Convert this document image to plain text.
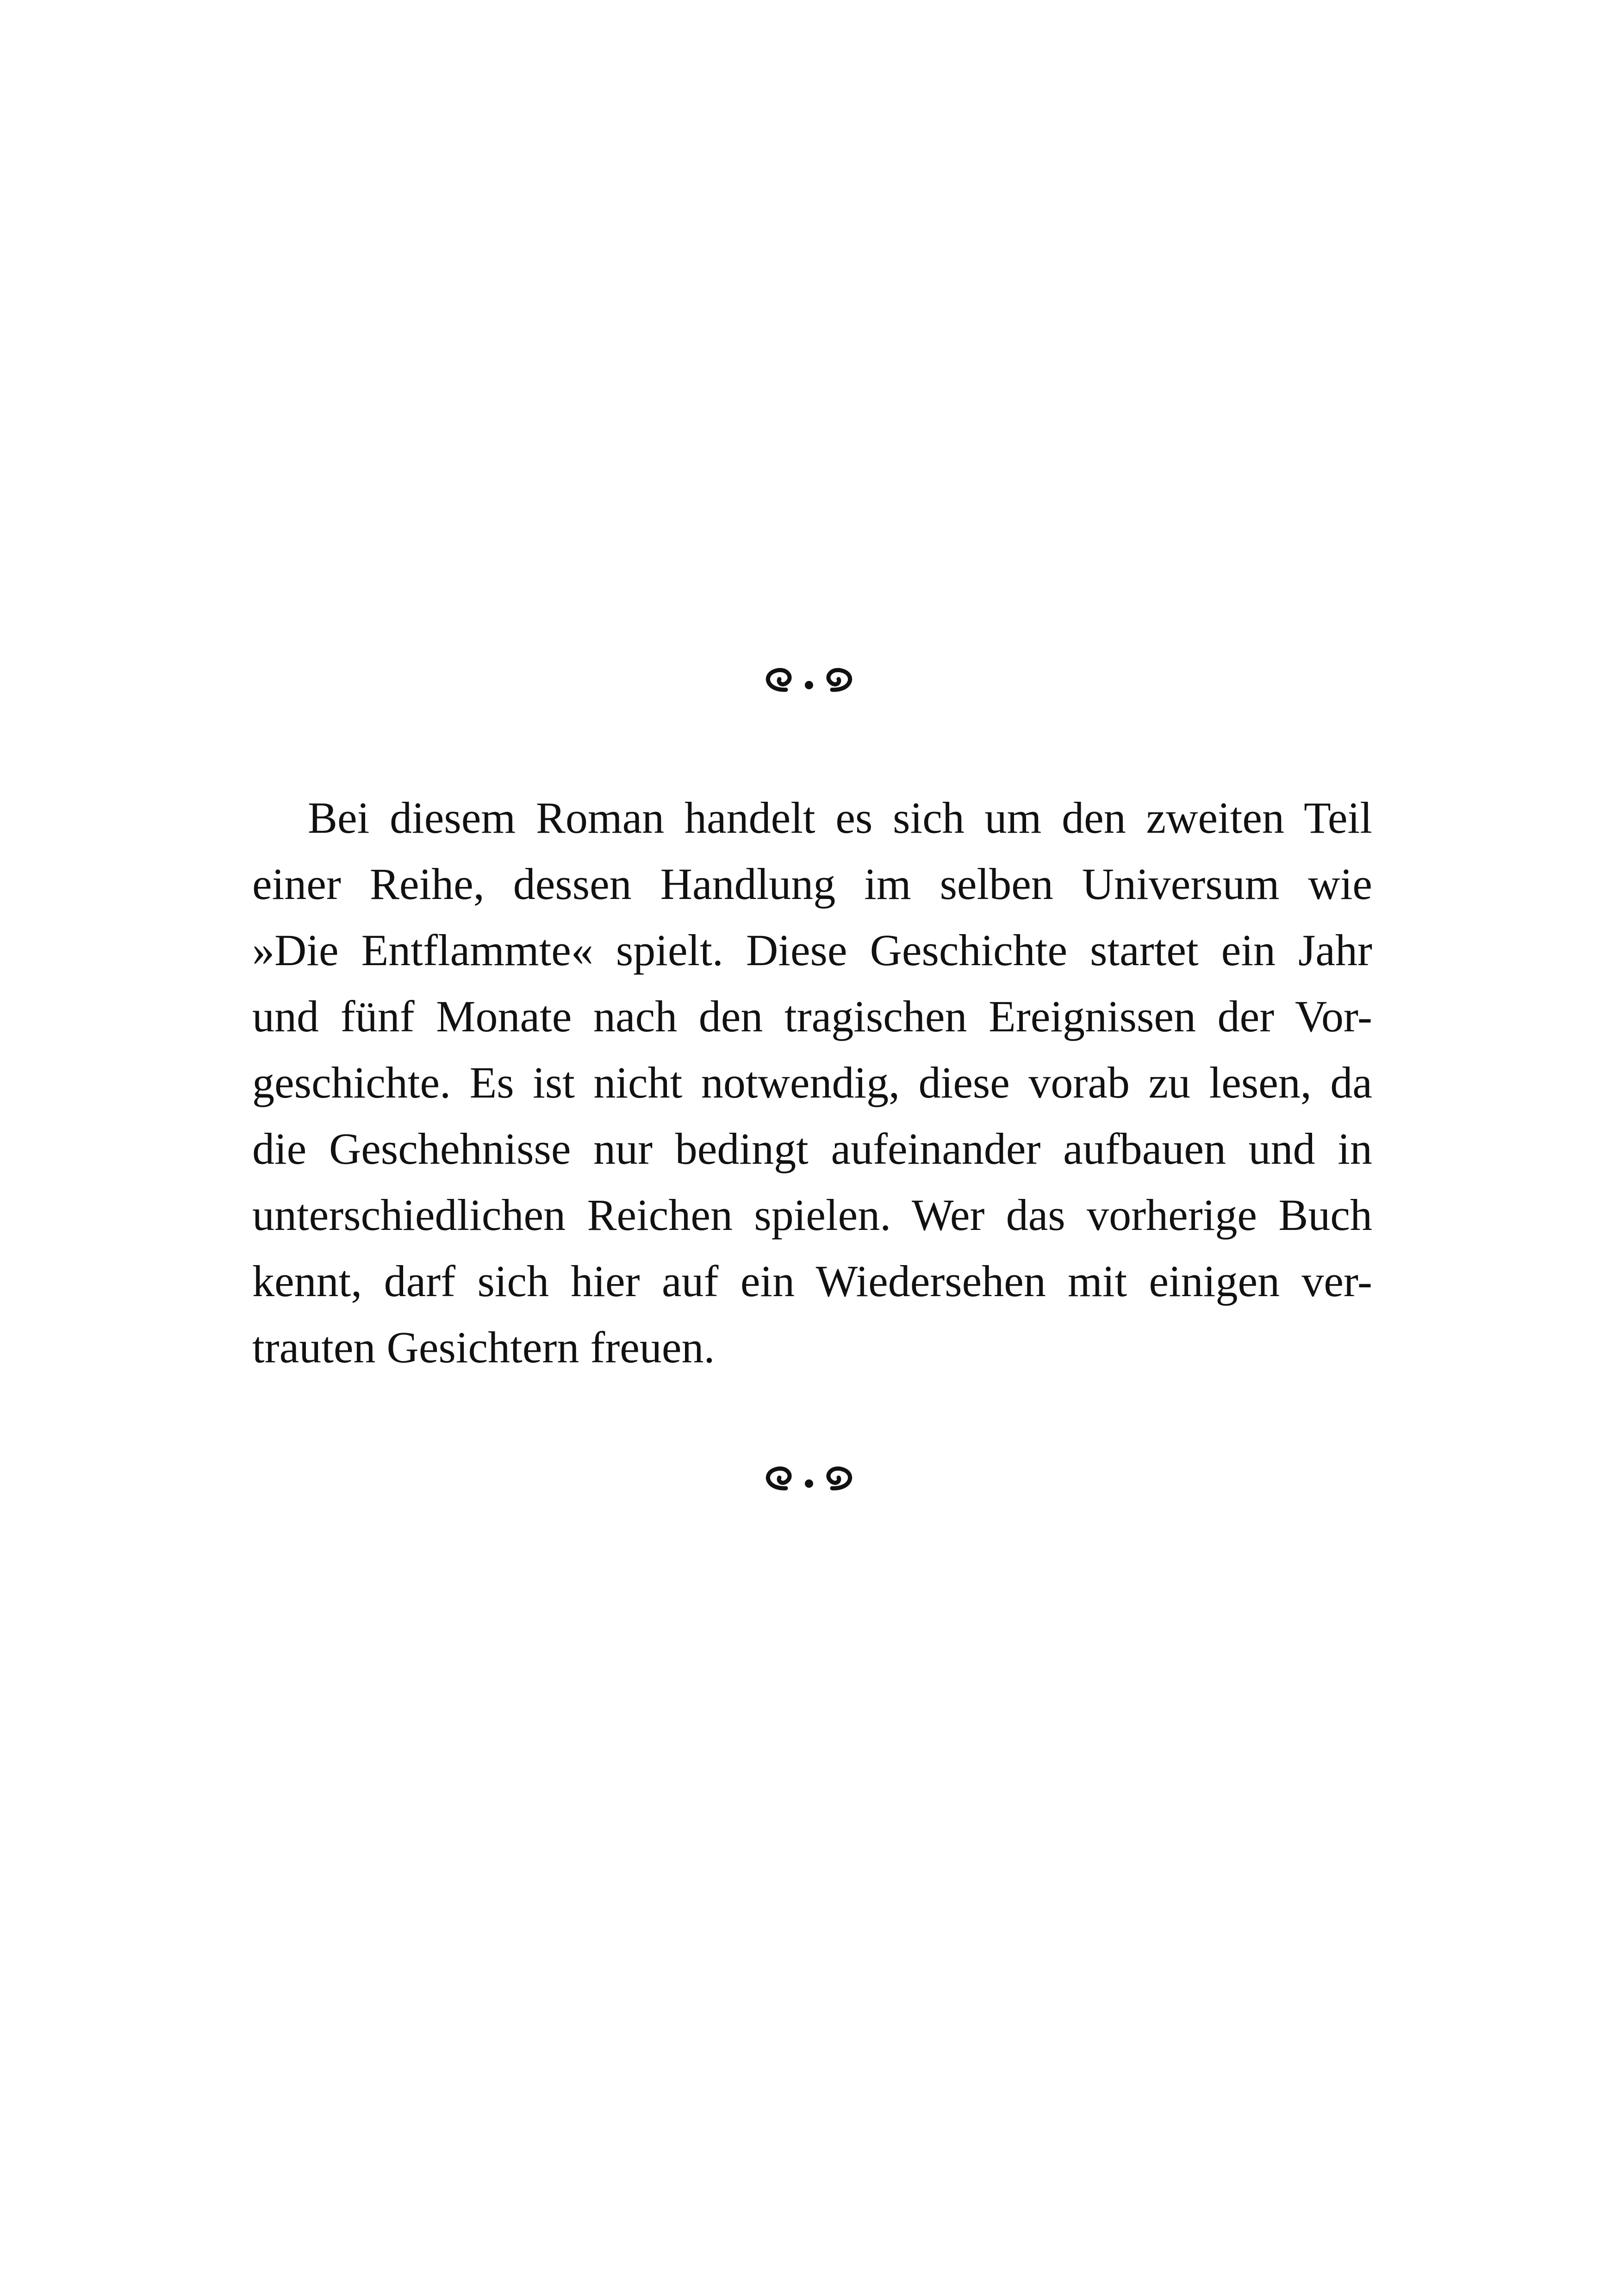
Bei diesem Roman handelt es sich um den zweiten Teil
einer Reihe, dessen Handlung im selben Universum wie
»Die Entflammte« spielt. Diese Geschichte startet ein Jahr
und fünf Monate nach den tragischen Ereignissen der Vor-
geschichte. Es ist nicht notwendig, diese vorab zu lesen, da
die Geschehnisse nur bedingt aufeinander aufbauen und in
unterschiedlichen Reichen spielen. Wer das vorherige Buch
kennt, darf sich hier auf ein Wiedersehen mit einigen ver-
trauten Gesichtern freuen.
